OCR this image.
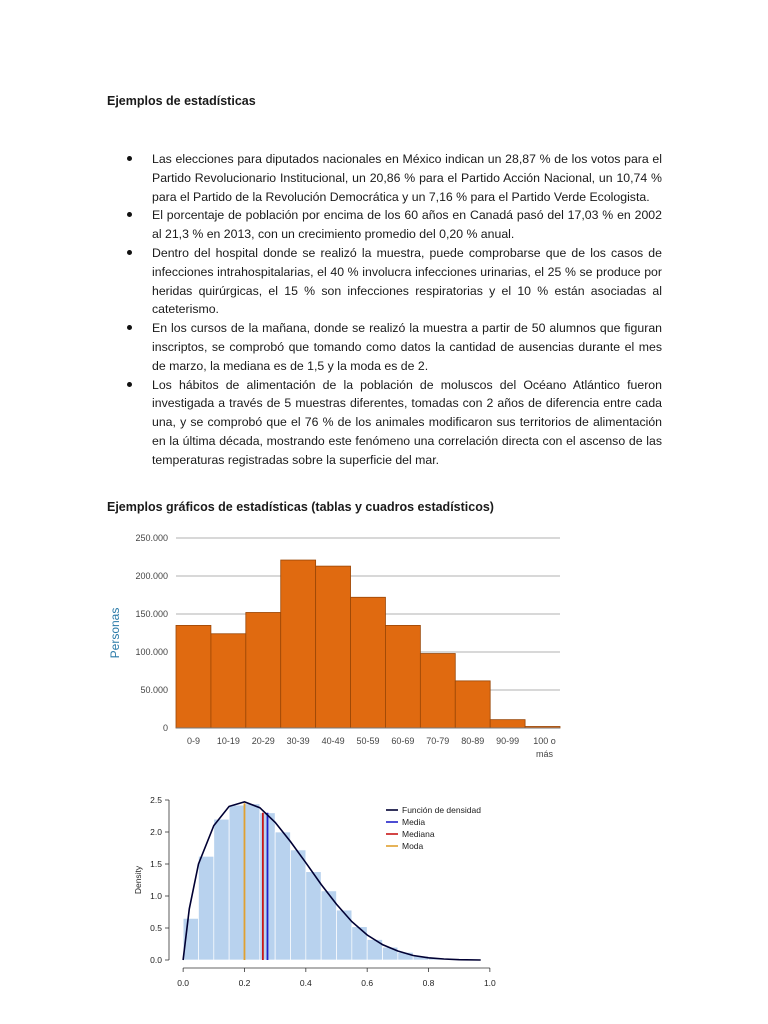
Ejemplos de estadísticas
Las elecciones para diputados nacionales en México indican un 28,87 % de los votos para el Partido Revolucionario Institucional, un 20,86 % para el Partido Acción Nacional, un 10,74 % para el Partido de la Revolución Democrática y un 7,16 % para el Partido Verde Ecologista.
El porcentaje de población por encima de los 60 años en Canadá pasó del 17,03 % en 2002 al 21,3 % en 2013, con un crecimiento promedio del 0,20 % anual.
Dentro del hospital donde se realizó la muestra, puede comprobarse que de los casos de infecciones intrahospitalarias, el 40 % involucra infecciones urinarias, el 25 % se produce por heridas quirúrgicas, el 15 % son infecciones respiratorias y el 10 % están asociadas al cateterismo.
En los cursos de la mañana, donde se realizó la muestra a partir de 50 alumnos que figuran inscriptos, se comprobó que tomando como datos la cantidad de ausencias durante el mes de marzo, la mediana es de 1,5 y la moda es de 2.
Los hábitos de alimentación de la población de moluscos del Océano Atlántico fueron investigada a través de 5 muestras diferentes, tomadas con 2 años de diferencia entre cada una, y se comprobó que el 76 % de los animales modificaron sus territorios de alimentación en la última década, mostrando este fenómeno una correlación directa con el ascenso de las temperaturas registradas sobre la superficie del mar.
Ejemplos gráficos de estadísticas (tablas y cuadros estadísticos)
0
50.000
100.000
150.000
200.000
250.000
Personas
0-9 10-19 20-29 30-39 40-49 50-59 60-69 70-79 80-89 90-99 100 o más
0.0
0.5
1.0
1.5
2.0
2.5
0.0	0.2	0.4	0.6	0.8	1.0
Density
Función de densidad
Media
Mediana
Moda
